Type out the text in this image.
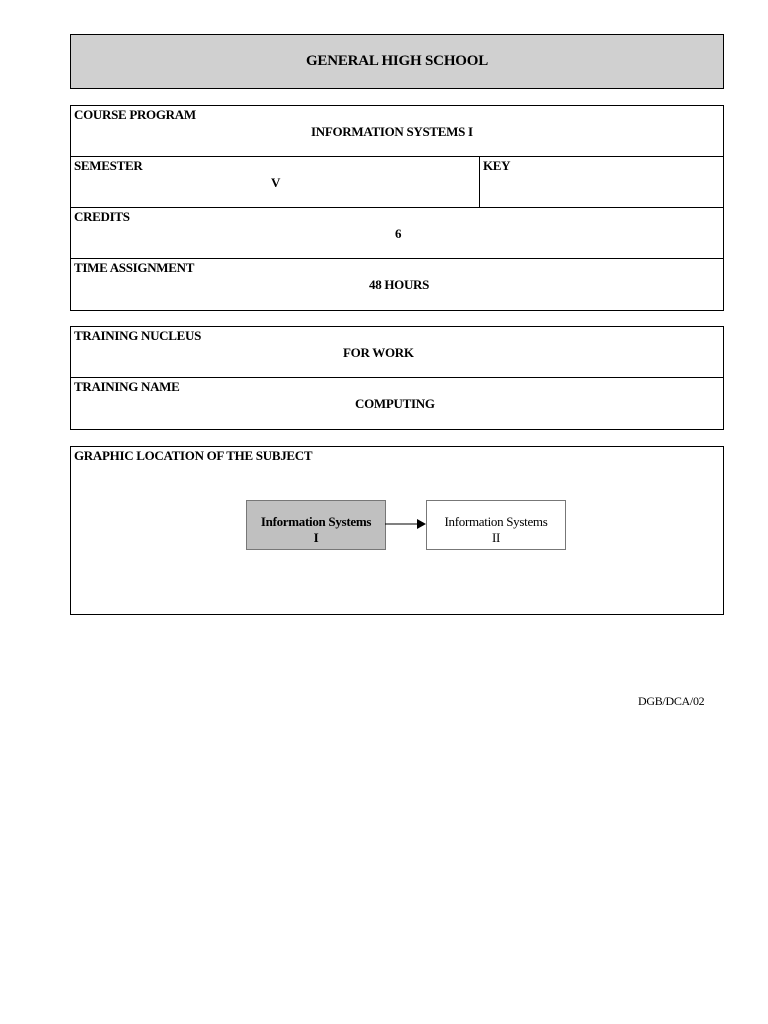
GENERAL HIGH SCHOOL
COURSE PROGRAM
INFORMATION SYSTEMS I
SEMESTER
V
KEY
CREDITS
6
TIME ASSIGNMENT
48 HOURS
TRAINING NUCLEUS
FOR WORK
TRAINING NAME
COMPUTING
GRAPHIC LOCATION OF THE SUBJECT
Information Systems
I
Information Systems
II
DGB/DCA/02
